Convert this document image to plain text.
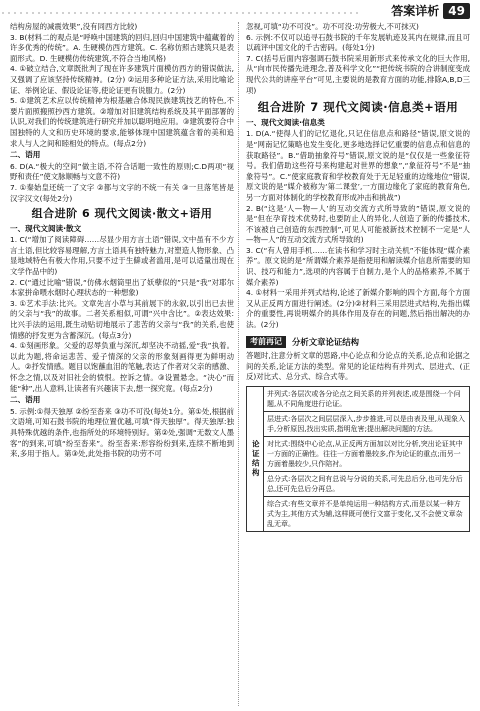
答案详析 49

结构房屋的减震效果”,没有同西方比较)

3. B(材料二的观点是“呼唤中国建筑的回归,回归中国建筑中蕴藏着的许多优秀的传统”。A. 生硬模仿西方建筑。C. 名称仿照古建筑只是表面形式。D. 生硬模仿传统建筑,不符合当地风格)

4. ①破立结合,文章既批判了现在许多建筑片面模仿西方的错误做法,又强调了应该坚持传统精神。(2分) ②运用多种论证方法,采用比喻论证、举例论证、假设论证等,使论证更有说服力。(2分)

5. ①建筑艺术应以传统精神为根基融合体现民族建筑技艺的特色,不要片面照搬照抄西方建筑。②增加对旧建筑结构系统及其平面部署的认识,对我们的传统建筑进行研究并加以聪明地应用。③建筑要符合中国独特的人文和历史环境的要求,能够体现中国建筑蕴含着的美和追求人与人之间和睦相处的特点。(每点2分)

二、语用

6. D(A.“极大的空间”做主语,不符合话题一致性的原则;C.D两项“视野和责任”使文脉顺畅与文意不符)

7. ①秦始皇还统一了文字 ②都与文字的不统一有关 ③一旦落笔皆是汉字汉文(每处2分)

组合进阶 6 现代文阅读·散文+语用
一、现代文阅读·散文

1. C(“增加了阅读障碍……尽显少用方言土语”错误,文中虽有不少方言土语,但比较容易理解,方言土语具有独特魅力,对塑造人物形象、凸显地域特色有极大作用,只要不过于生僻或者滥用,是可以适量出现在文学作品中的)

2. C(“通过比喻”错误,“仿佛水烟筒里出了妖孽似的”只是“我”对耶尔本家拼命喂水烟时心理状态的一种想象)

3. ①艺术手法:比兴。文章先言小草与其前展下的永叙,以引出已去世的父亲与“我”的故事。二者关系相似,可谓“兴中含比”。②表达效果:比兴手法的运用,既生动贴切地展示了悲苦的父亲与“我”的关系,也使情感的抒发更为含蓄深沉。(每点3分)

4. ①刻画形象。父爱的忍辱负重与深沉,却坚决不动摇,爱“我”执着。以此为题,将命运悲苦、爱子情深的父亲的形象刻画得更为鲜明动人。②抒发情感。题目以饱蘸血泪的笔触,表达了作者对父亲的感激、怀念之情,以及对旧社会的愤恨。控诉之情。③设置悬念。“决心”而能“种”,出人意料,让读者有兴趣读下去,想一探究竟。(每点2分)

二、语用

5. 示例:①得天独厚 ②纷至沓来 ③功不可没(每处1分。第①处,根据前文语境,可知石鼓书院的地理位置优越,可填“得天独厚”。得天独厚:独具特殊优越的条件,也指所处的环境特别好。第②处,强调“无数文人墨客”的到来,可填“纷至沓来”。纷至沓来:形容纷纷到来,连续不断地到来,多用于指人。第③处,此处指书院的功劳不可

忽视,可填“功不可没”。功不可没:功劳极大,不可抹灭)

6. 示例:不仅可以追寻石鼓书院的千年发展轨迹及其内在规律,而且可以疏评中国文化的千古密码。(每处1分)

7. C(括号后面内容强调石鼓书院采用新形式来传承文化的巨大作用,从“向市民传播先进理念,普及科学文化”“把传统书院的合讲制度变成现代公共的讲座平台”可见,主要说的是教育方面的功能,排除A,B,D三项)

组合进阶 7 现代文阅读·信息类+语用
一、现代文阅读·信息类

1. D(A.“使得人们的记忆退化,只记住信息点和路径”错误,原文说的是“网南记忆策略也发生变化,更多地选择记忆重要的信息点和信息的获取路径”。B.“借助抽象符号”错误,原文说的是“仅仅是一些象征符号。我们借助这些符号来构建起对世界的想象”,“象征符号”不是“抽象符号”。C.“使家庭教育和学校教育处于无足轻重的边缘地位”错误,原文说的是“媒介被称为‘第二课堂’,一方面边缘化了家庭的教育角色,另一方面对体制化的学校教育形成冲击和挑战”)

2. B(“这是‘人—物—人’的互动交流方式所导致的”错误,原文说的是“但在孕育技术优势时,也要防止人的异化,人创造了新的传播技术,不该被自己创造的东西控制”,可见人可能被新技术控制不一定是“人—物—人”的互动交流方式所导致的)

3. C(“有人曾用手机……在读书和学习时主动关机”不能体现“媒介素养”。原文说的是“所谓媒介素养是指使用和解读媒介信息所需要的知识、技巧和能力”,选项的内容属于自制力,是个人的品格素养,不属于媒介素养)

4. ①材料一采用并列式结构,论述了新媒介影响的四个方面,每个方面又从正反两方面进行阐述。(2分)②材料三采用层进式结构,先指出媒介的重要性,再说明媒介的具体作用及存在的问题,然后指出解决的办法。(2分)

考前再记	分析文章论证结构

答题时,注意分析文章的思路,中心论点和分论点的关系,论点和论据之间的关系,论证方法的类型。常见的论证结构有并列式、层进式、(正反)对比式、总分式、综合式等。

论证结构
并列式:各层次或各分论点之间关系的并列表述,或是围绕一个问题,从不同角度进行论证。
层进式:各层次之间层层深入,步步推进,可以是由表及里,从现象入手,分析原因,找出实质,指明危害;提出解决问题的方法。
对比式:围绕中心论点,从正反两方面加以对比分析,突出论证其中一方面的正确性。往往一方面着墨较多,作为论证的重点;而另一方面着墨较少,只作陪衬。
总分式:各层次之间有总说与分说的关系,可先总后分,也可先分后总,还可先总后分再总。
综合式:有些文章并不是单纯运用一种结构方式,而是以某一种方式为主,其他方式为辅,这样既可使行文富于变化,又不会使文章杂乱无章。
